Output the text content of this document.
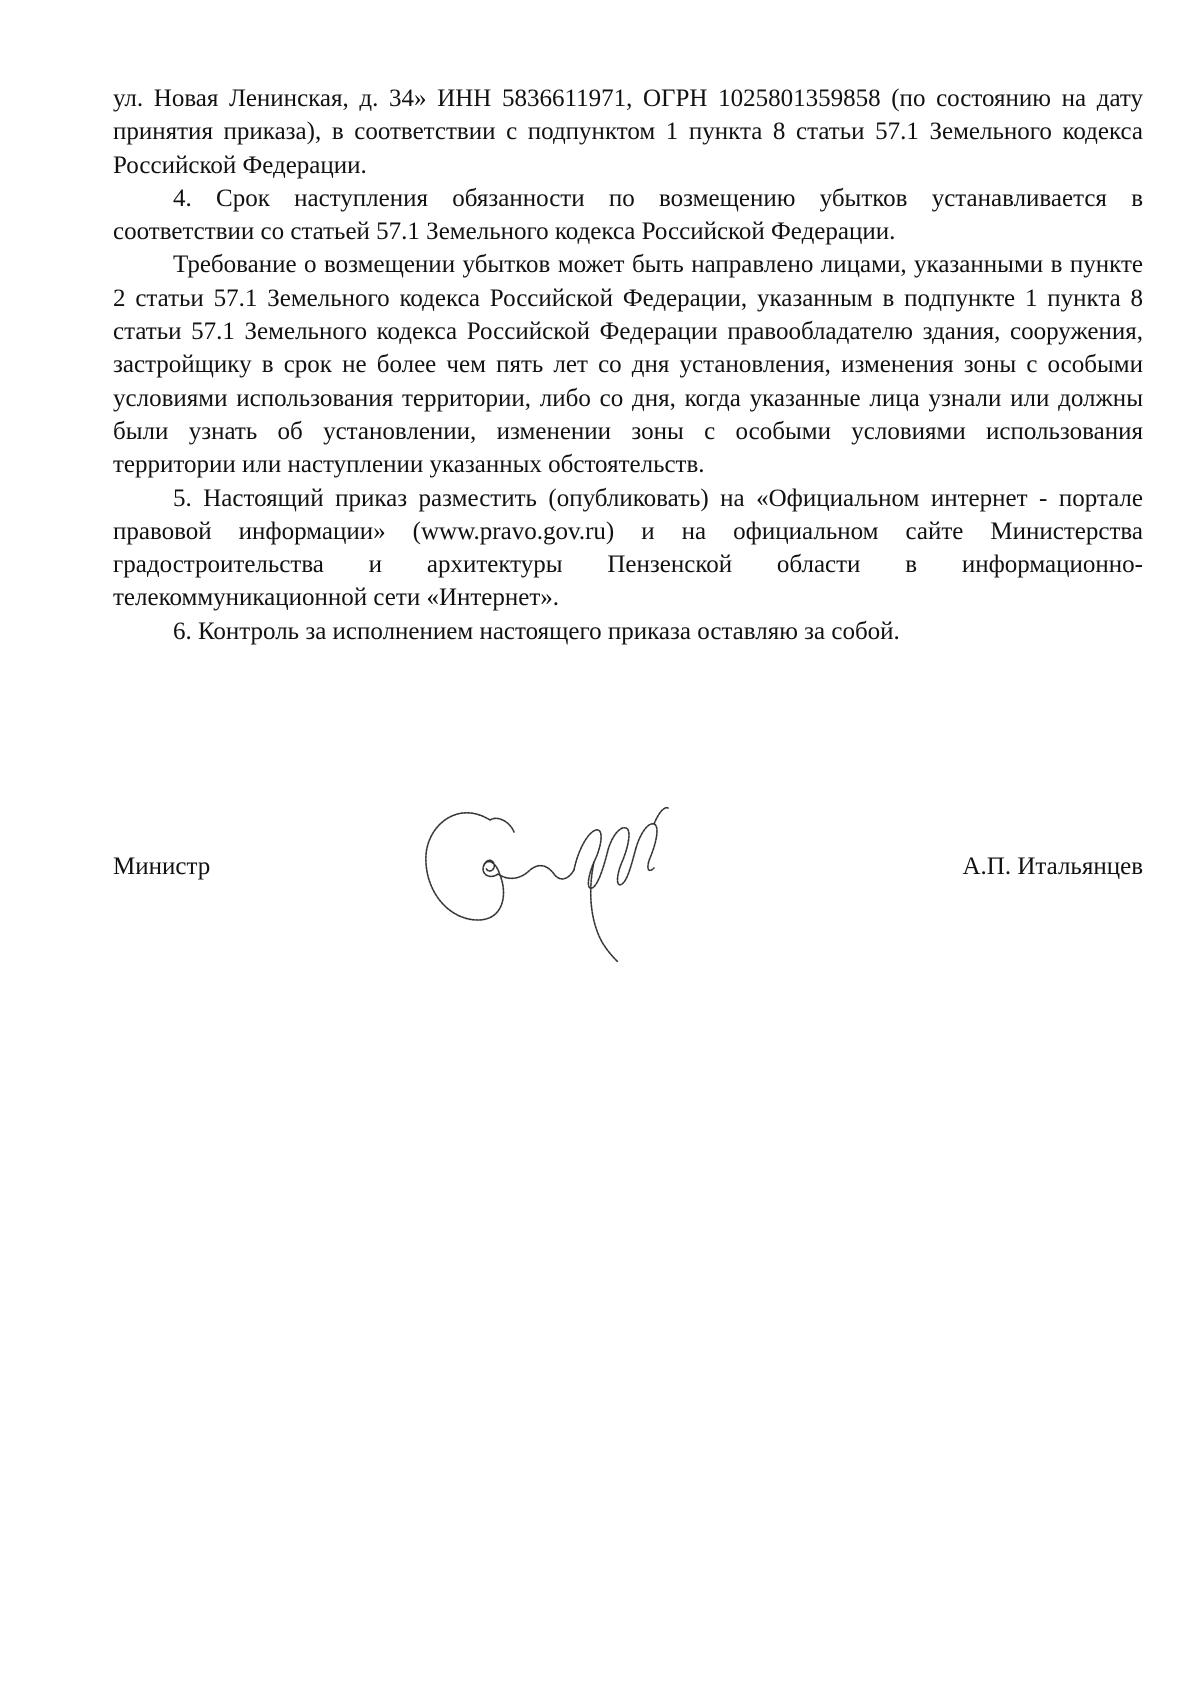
ул. Новая Ленинская, д. 34» ИНН 5836611971, ОГРН 1025801359858 (по состоянию на дату принятия приказа), в соответствии с подпунктом 1 пункта 8 статьи 57.1 Земельного кодекса Российской Федерации.

4. Срок наступления обязанности по возмещению убытков устанавливается в соответствии со статьей 57.1 Земельного кодекса Российской Федерации.

Требование о возмещении убытков может быть направлено лицами, указанными в пункте 2 статьи 57.1 Земельного кодекса Российской Федерации, указанным в подпункте 1 пункта 8 статьи 57.1 Земельного кодекса Российской Федерации правообладателю здания, сооружения, застройщику в срок не более чем пять лет со дня установления, изменения зоны с особыми условиями использования территории, либо со дня, когда указанные лица узнали или должны были узнать об установлении, изменении зоны с особыми условиями использования территории или наступлении указанных обстоятельств.

5. Настоящий приказ разместить (опубликовать) на «Официальном интернет - портале правовой информации» (www.pravo.gov.ru) и на официальном сайте Министерства градостроительства и архитектуры Пензенской области в информационно-телекоммуникационной сети «Интернет».

6. Контроль за исполнением настоящего приказа оставляю за собой.

Министр	А.П. Итальянцев
